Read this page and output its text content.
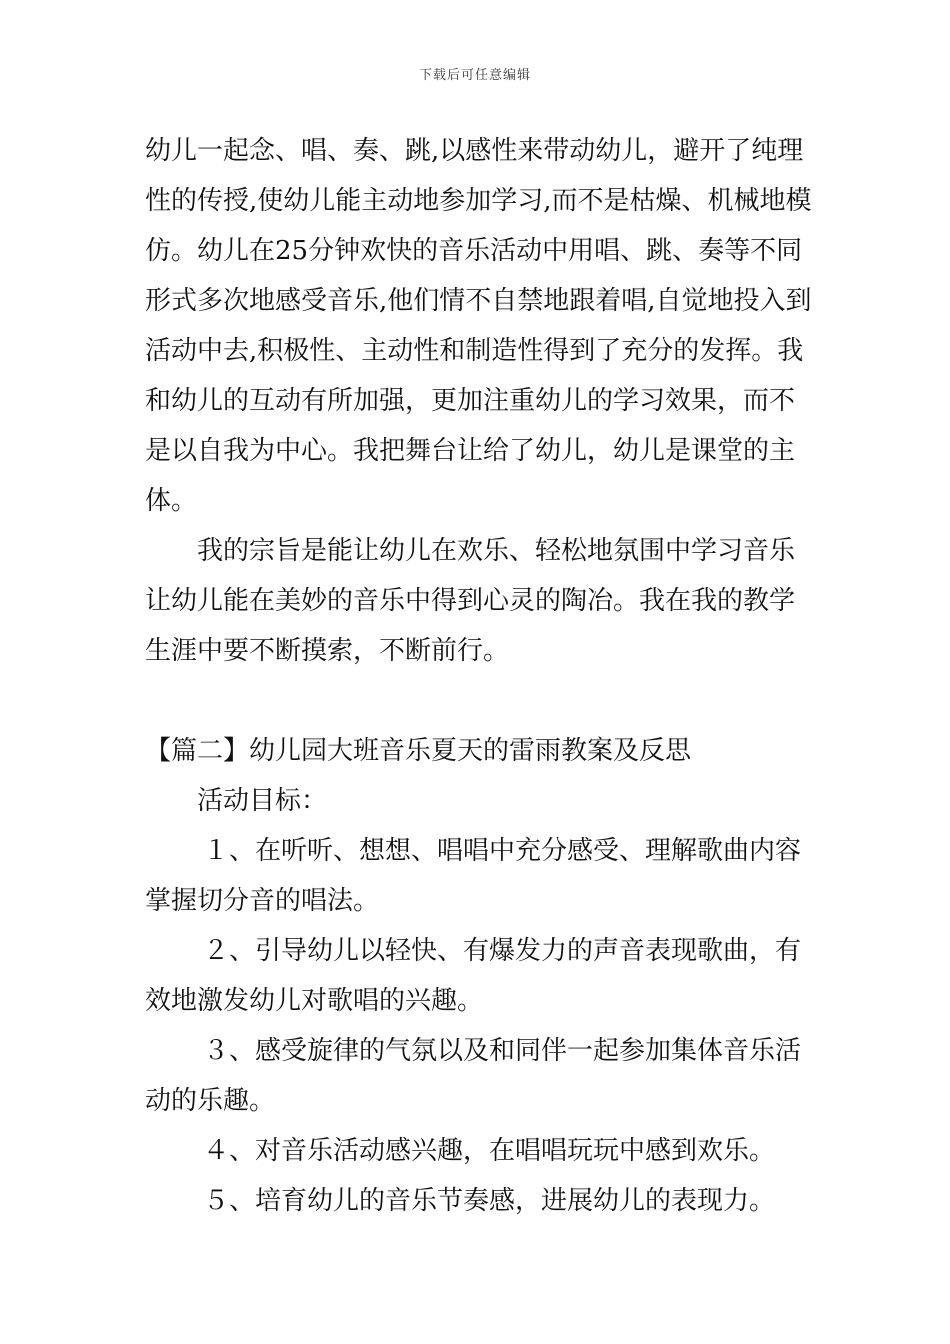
下载后可任意编辑

幼儿一起念、唱、奏、跳,以感性来带动幼儿，避开了纯理性的传授,使幼儿能主动地参加学习,而不是枯燥、机械地模仿。幼儿在25分钟欢快的音乐活动中用唱、跳、奏等不同形式多次地感受音乐,他们情不自禁地跟着唱,自觉地投入到活动中去,积极性、主动性和制造性得到了充分的发挥。我和幼儿的互动有所加强，更加注重幼儿的学习效果，而不是以自我为中心。我把舞台让给了幼儿，幼儿是课堂的主体。

我的宗旨是能让幼儿在欢乐、轻松地氛围中学习音乐让幼儿能在美妙的音乐中得到心灵的陶冶。我在我的教学生涯中要不断摸索，不断前行。

【篇二】幼儿园大班音乐夏天的雷雨教案及反思

活动目标：

１、在听听、想想、唱唱中充分感受、理解歌曲内容掌握切分音的唱法。

２、引导幼儿以轻快、有爆发力的声音表现歌曲，有效地激发幼儿对歌唱的兴趣。

３、感受旋律的气氛以及和同伴一起参加集体音乐活动的乐趣。

４、对音乐活动感兴趣，在唱唱玩玩中感到欢乐。

５、培育幼儿的音乐节奏感，进展幼儿的表现力。
